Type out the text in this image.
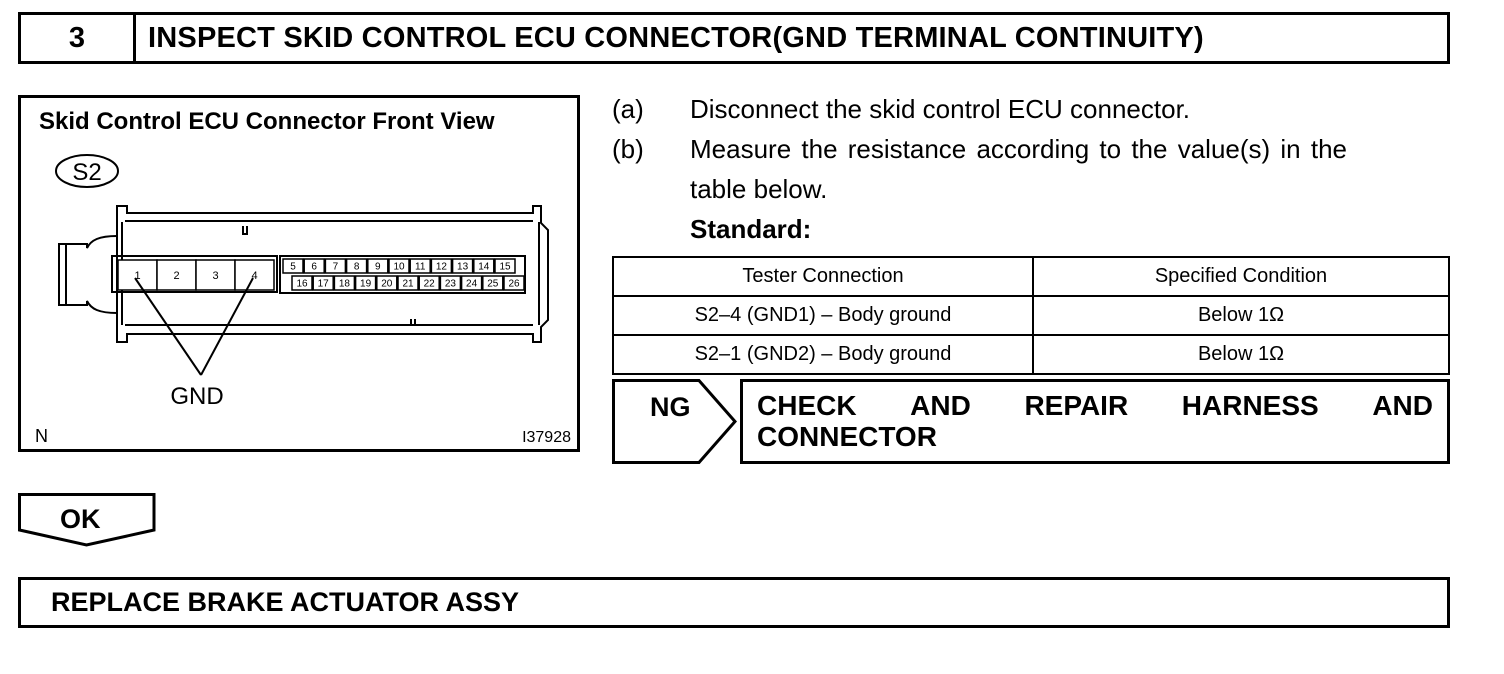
3	INSPECT SKID CONTROL ECU CONNECTOR(GND TERMINAL CONTINUITY)
Skid Control ECU Connector Front View
S2
1	2	3	4
5 6 7 8 9 10 11 12 13 14 15
16 17 18 19 20 21 22 23 24 25 26
GND
N	I37928
(a) Disconnect the skid control ECU connector.
(b) Measure the resistance according to the value(s) in the
table below.
Standard:
Tester Connection	Specified Condition
S2–4 (GND1) – Body ground	Below 1Ω
S2–1 (GND2) – Body ground	Below 1Ω
NG CHECK AND REPAIR HARNESS AND
CONNECTOR
OK
REPLACE BRAKE ACTUATOR ASSY
